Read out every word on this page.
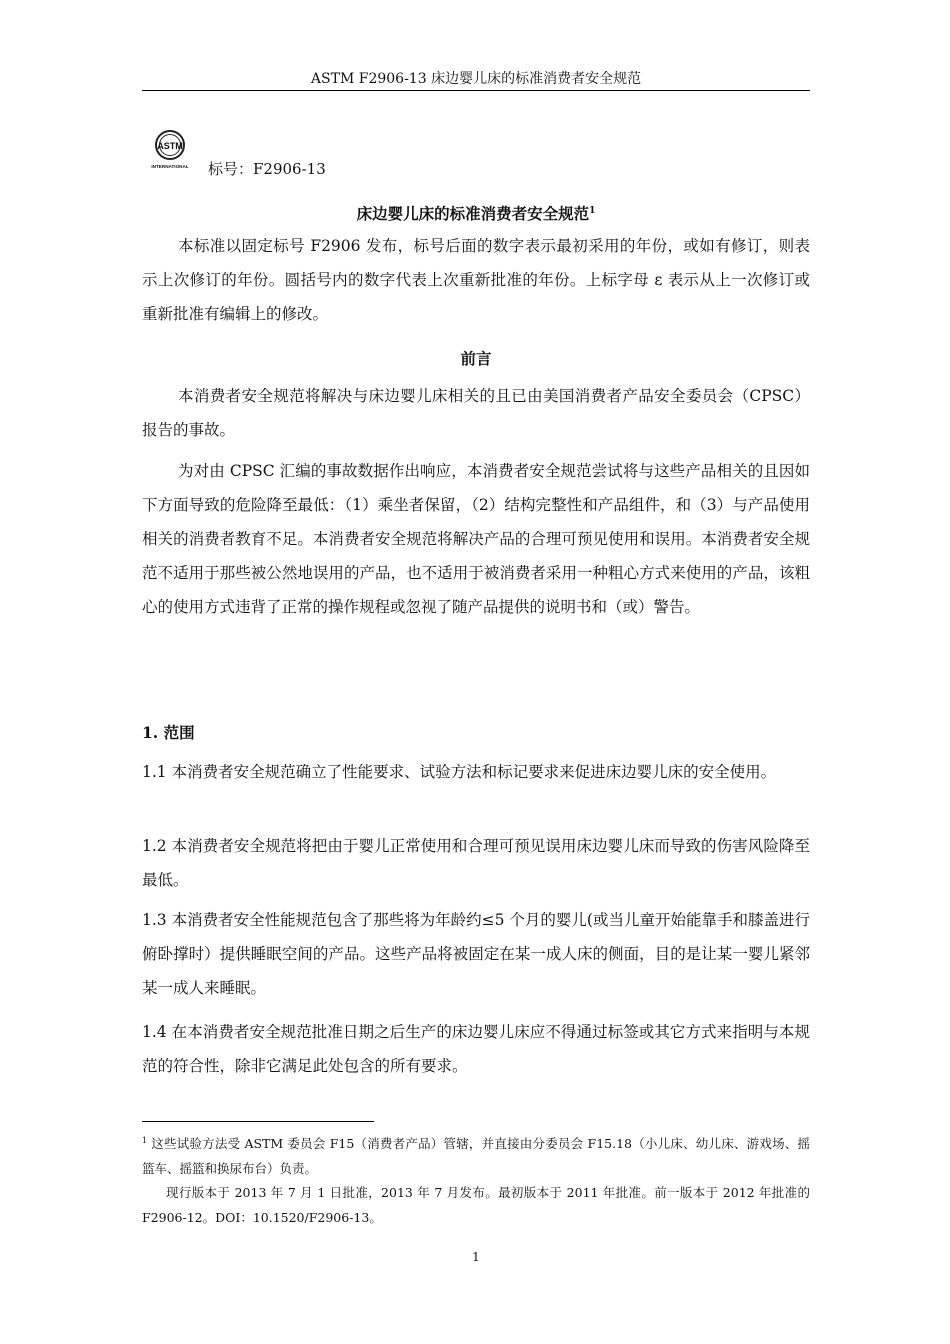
ASTM F2906-13 床边婴儿床的标准消费者安全规范
ASTM
INTERNATIONAL 标号：F2906-13
床边婴儿床的标准消费者安全规范$^1$
本标准以固定标号 F2906 发布，标号后面的数字表示最初采用的年份，或如有修订，则表示上次修订的年份。圆括号内的数字代表上次重新批准的年份。上标字母 ε 表示从上一次修订或重新批准有编辑上的修改。
前言
本消费者安全规范将解决与床边婴儿床相关的且已由美国消费者产品安全委员会（CPSC）报告的事故。
为对由 CPSC 汇编的事故数据作出响应，本消费者安全规范尝试将与这些产品相关的且因如下方面导致的危险降至最低：（1）乘坐者保留，（2）结构完整性和产品组件，和（3）与产品使用相关的消费者教育不足。本消费者安全规范将解决产品的合理可预见使用和误用。本消费者安全规范不适用于那些被公然地误用的产品，也不适用于被消费者采用一种粗心方式来使用的产品，该粗心的使用方式违背了正常的操作规程或忽视了随产品提供的说明书和（或）警告。
1. 范围
1.1 本消费者安全规范确立了性能要求、试验方法和标记要求来促进床边婴儿床的安全使用。
1.2 本消费者安全规范将把由于婴儿正常使用和合理可预见误用床边婴儿床而导致的伤害风险降至最低。
1.3 本消费者安全性能规范包含了那些将为年龄约≤5 个月的婴儿(或当儿童开始能靠手和膝盖进行俯卧撑时）提供睡眠空间的产品。这些产品将被固定在某一成人床的侧面，目的是让某一婴儿紧邻某一成人来睡眠。
1.4 在本消费者安全规范批准日期之后生产的床边婴儿床应不得通过标签或其它方式来指明与本规范的符合性，除非它满足此处包含的所有要求。
$^1$ 这些试验方法受 ASTM 委员会 F15（消费者产品）管辖，并直接由分委员会 F15.18（小儿床、幼儿床、游戏场、摇篮车、摇篮和换尿布台）负责。
现行版本于 2013 年 7 月 1 日批准，2013 年 7 月发布。最初版本于 2011 年批准。前一版本于 2012 年批准的 F2906-12。DOI：10.1520/F2906-13。
1
